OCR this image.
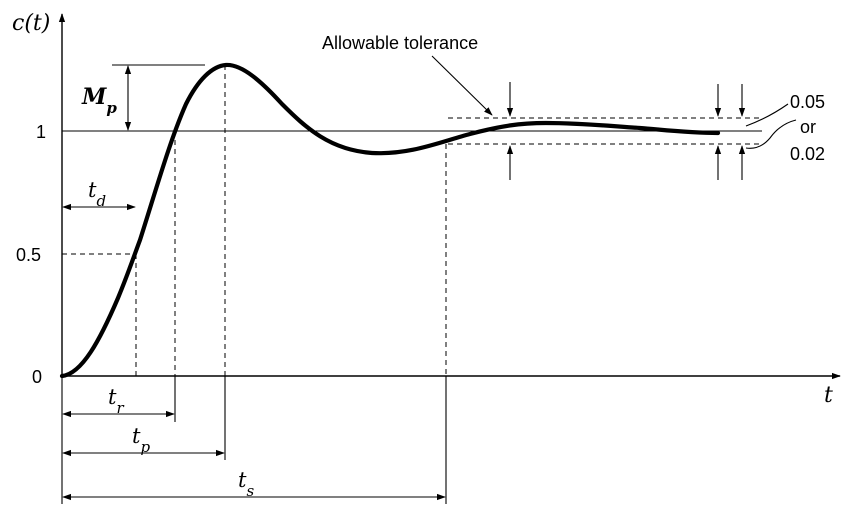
c(t)
t
0
0.5
1
$M_p$
$t_d$
$t_r$
$t_p$
$t_s$
Allowable tolerance
0.05
or
0.02
